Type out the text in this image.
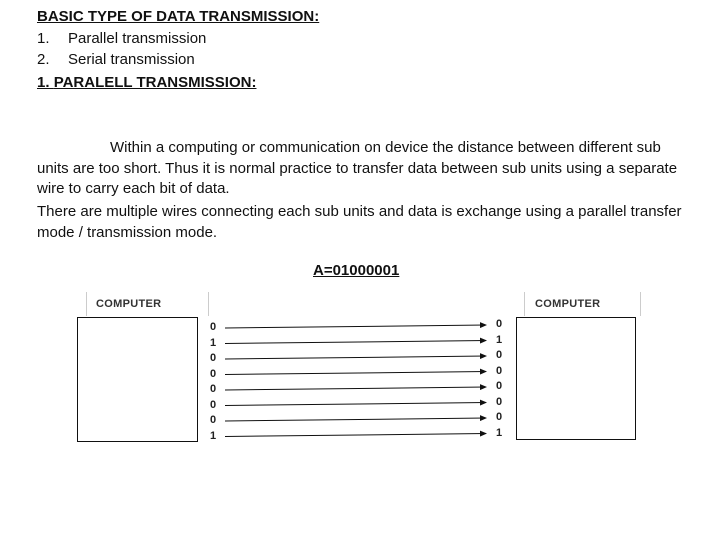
BASIC TYPE OF DATA TRANSMISSION:
1. Parallel transmission
2. Serial transmission
1. PARALELL TRANSMISSION:
Within a computing or communication on device the distance between different sub units are too short. Thus it is normal practice to transfer data between sub units using a separate wire to carry each bit of data.
There are multiple wires connecting each sub units and data is exchange using a parallel transfer mode / transmission mode.
A=01000001
COMPUTER	COMPUTER
0	0
1	1
0	0
0	0
0	0
0	0
0	0
1	1
